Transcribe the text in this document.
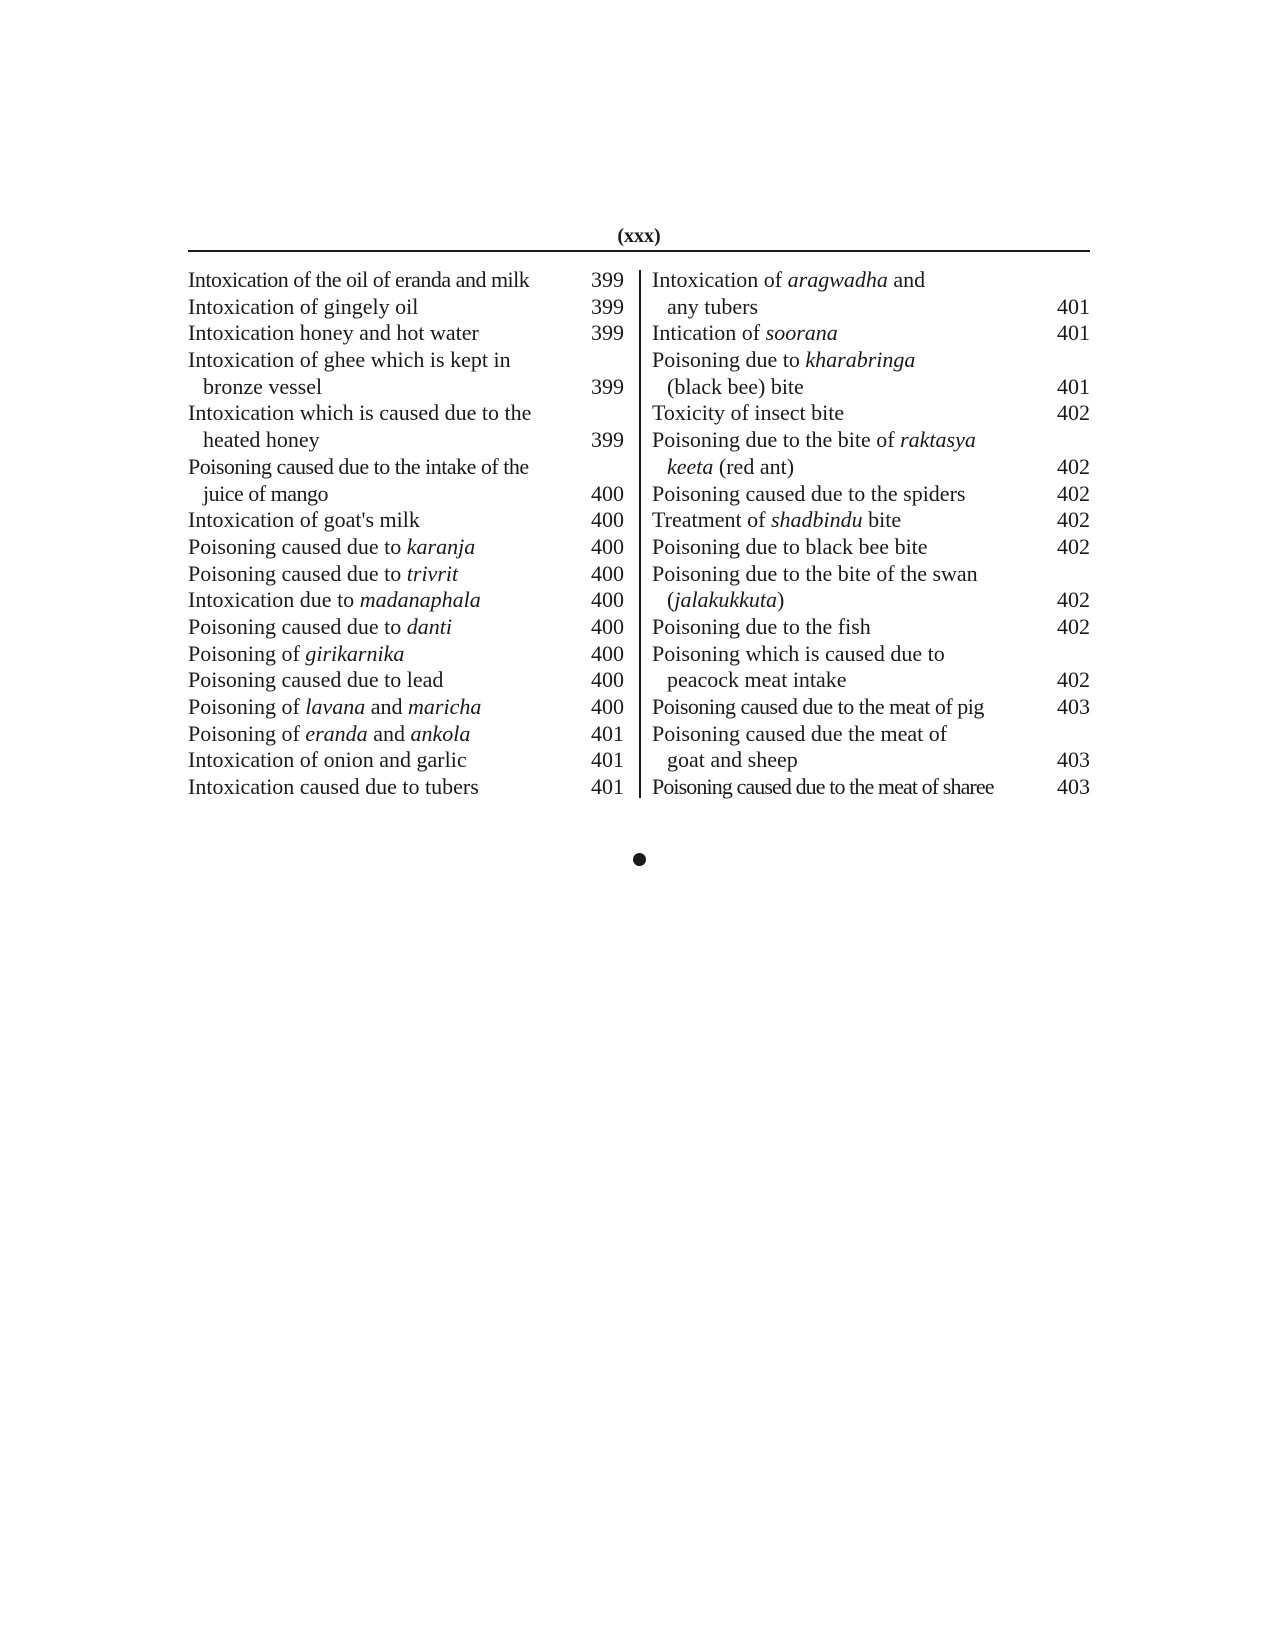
(xxx)
Intoxication of the oil of eranda and milk	399
Intoxication of gingely oil	399
Intoxication honey and hot water	399
Intoxication of ghee which is kept in
bronze vessel	399
Intoxication which is caused due to the
heated honey	399
Poisoning caused due to the intake of the
juice of mango	400
Intoxication of goat's milk	400
Poisoning caused due to karanja	400
Poisoning caused due to trivrit	400
Intoxication due to madanaphala	400
Poisoning caused due to danti	400
Poisoning of girikarnika	400
Poisoning caused due to lead	400
Poisoning of lavana and maricha	400
Poisoning of eranda and ankola	401
Intoxication of onion and garlic	401
Intoxication caused due to tubers	401
Intoxication of aragwadha and
any tubers	401
Intication of soorana	401
Poisoning due to kharabringa
(black bee) bite	401
Toxicity of insect bite	402
Poisoning due to the bite of raktasya
keeta (red ant)	402
Poisoning caused due to the spiders	402
Treatment of shadbindu bite	402
Poisoning due to black bee bite	402
Poisoning due to the bite of the swan
(jalakukkuta)	402
Poisoning due to the fish	402
Poisoning which is caused due to
peacock meat intake	402
Poisoning caused due to the meat of pig	403
Poisoning caused due the meat of
goat and sheep	403
Poisoning caused due to the meat of sharee	403
